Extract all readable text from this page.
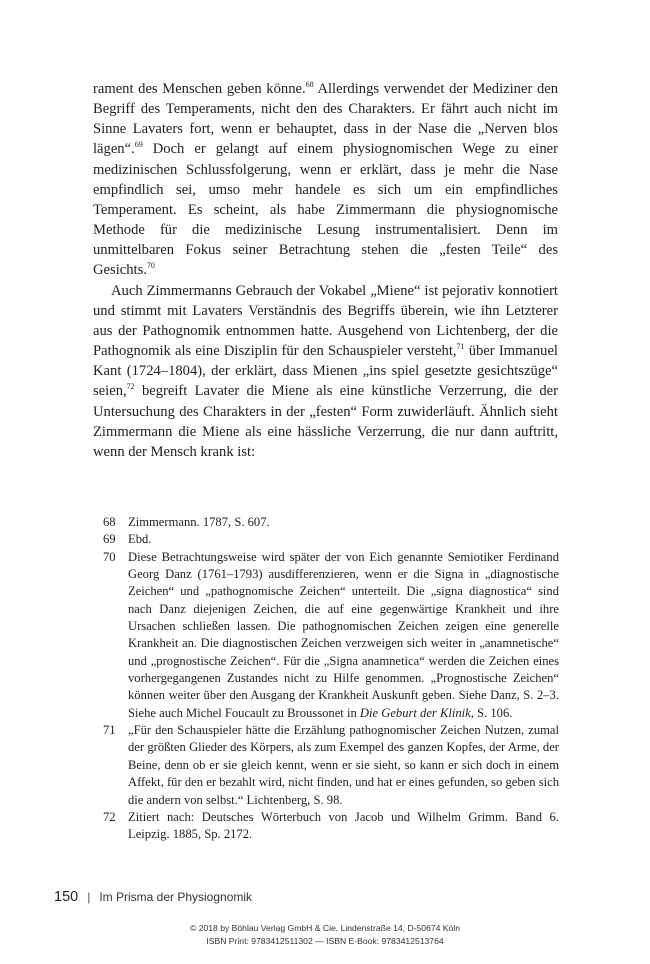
rament des Menschen geben könne.$^{68}$ Allerdings verwendet der Mediziner den Begriff des Temperaments, nicht den des Charakters. Er fährt auch nicht im Sinne Lavaters fort, wenn er behauptet, dass in der Nase die „Nerven blos lägen“.$^{69}$ Doch er gelangt auf einem physiognomischen Wege zu einer medizinischen Schlussfolgerung, wenn er erklärt, dass je mehr die Nase empfindlich sei, umso mehr handele es sich um ein empfindliches Temperament. Es scheint, als habe Zimmermann die physiognomische Methode für die medizinische Lesung instrumentalisiert. Denn im unmittelbaren Fokus seiner Betrachtung stehen die „festen Teile“ des Gesichts.$^{70}$

Auch Zimmermanns Gebrauch der Vokabel „Miene“ ist pejorativ konnotiert und stimmt mit Lavaters Verständnis des Begriffs überein, wie ihn Letzterer aus der Pathognomik entnommen hatte. Ausgehend von Lichtenberg, der die Pathognomik als eine Disziplin für den Schauspieler versteht,$^{71}$ über Immanuel Kant (1724–1804), der erklärt, dass Mienen „ins spiel gesetzte gesichtszüge“ seien,$^{72}$ begreift Lavater die Miene als eine künstliche Verzerrung, die der Untersuchung des Charakters in der „festen“ Form zuwiderläuft. Ähnlich sieht Zimmermann die Miene als eine hässliche Verzerrung, die nur dann auftritt, wenn der Mensch krank ist:

68 Zimmermann. 1787, S. 607.
69 Ebd.
70 Diese Betrachtungsweise wird später der von Eich genannte Semiotiker Ferdinand Georg Danz (1761–1793) ausdifferenzieren, wenn er die Signa in „diagnostische Zeichen“ und „pathognomische Zeichen“ unterteilt. Die „signa diagnostica“ sind nach Danz diejenigen Zeichen, die auf eine gegenwärtige Krankheit und ihre Ursachen schließen lassen. Die pathognomischen Zeichen zeigen eine generelle Krankheit an. Die diagnostischen Zeichen verzweigen sich weiter in „anamnetische“ und „prognostische Zeichen“. Für die „Signa anamnetica“ werden die Zeichen eines vorhergegangenen Zustandes nicht zu Hilfe genommen. „Prognostische Zeichen“ können weiter über den Ausgang der Krankheit Auskunft geben. Siehe Danz, S. 2–3. Siehe auch Michel Foucault zu Broussonet in Die Geburt der Klinik, S. 106.
71 „Für den Schauspieler hätte die Erzählung pathognomischer Zeichen Nutzen, zumal der größten Glieder des Körpers, als zum Exempel des ganzen Kopfes, der Arme, der Beine, denn ob er sie gleich kennt, wenn er sie sieht, so kann er sich doch in einem Affekt, für den er bezahlt wird, nicht finden, und hat er eines gefunden, so geben sich die andern von selbst.“ Lichtenberg, S. 98.
72 Zitiert nach: Deutsches Wörterbuch von Jacob und Wilhelm Grimm. Band 6. Leipzig. 1885, Sp. 2172.
150 | Im Prisma der Physiognomik
© 2018 by Böhlau Verlag GmbH & Cie, Lindenstraße 14, D-50674 Köln
ISBN Print: 9783412511302 — ISBN E-Book: 9783412513764
